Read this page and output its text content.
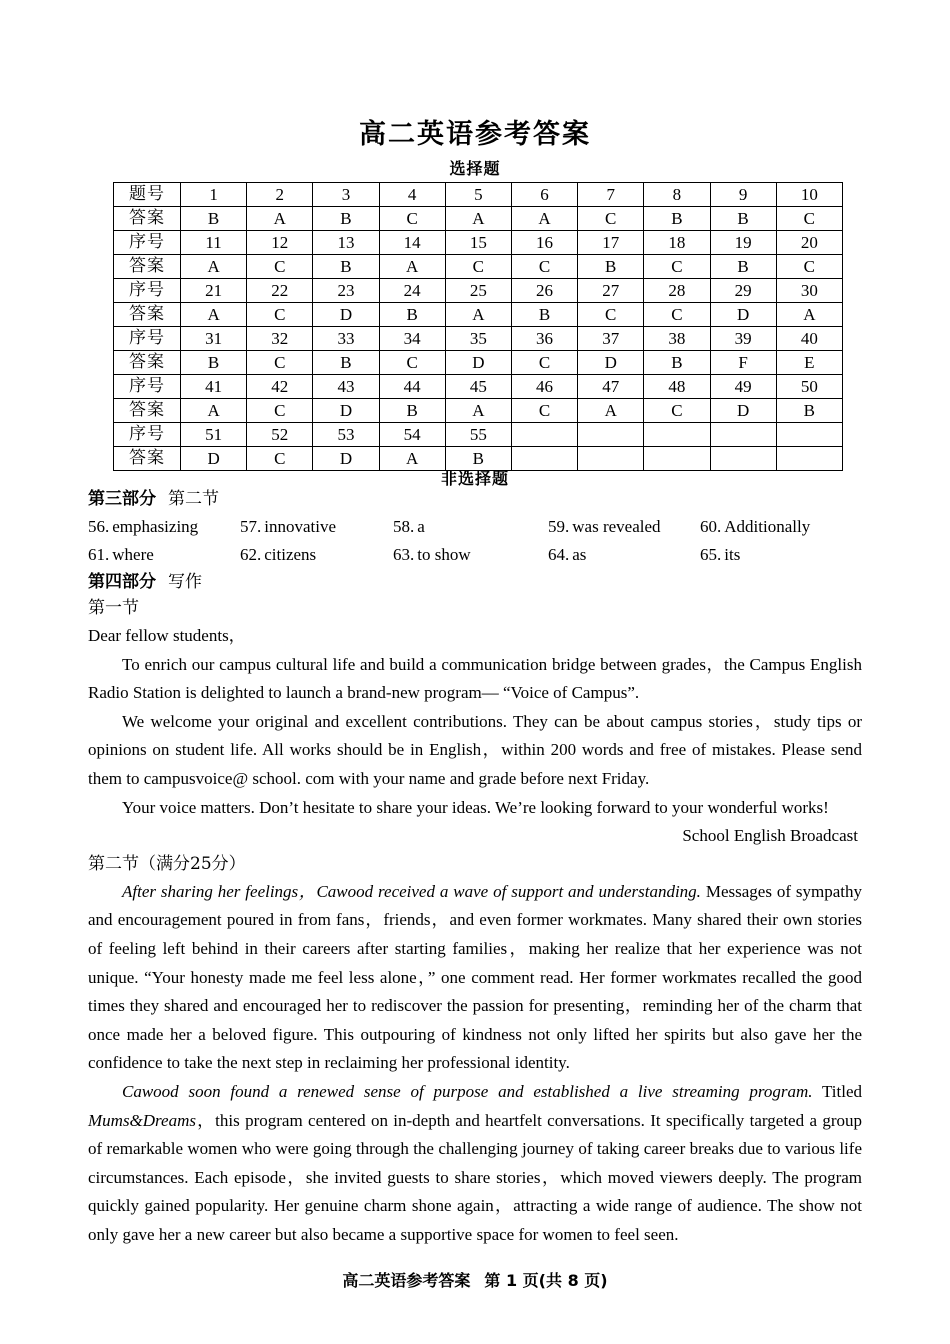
高二英语参考答案
选择题
题号	1	2	3	4	5	6	7	8	9	10
答案	B	A	B	C	A	A	C	B	B	C
序号	11	12	13	14	15	16	17	18	19	20
答案	A	C	B	A	C	C	B	C	B	C
序号	21	22	23	24	25	26	27	28	29	30
答案	A	C	D	B	A	B	C	C	D	A
序号	31	32	33	34	35	36	37	38	39	40
答案	B	C	B	C	D	C	D	B	F	E
序号	41	42	43	44	45	46	47	48	49	50
答案	A	C	D	B	A	C	A	C	D	B
序号	51	52	53	54	55					
答案	D	C	D	A	B					
非选择题

第三部分 第二节

56. emphasizing 57. innovative	58. a	59. was revealed 60. Additionally
61. where	62. citizens	63. to show	64. as	65. its

第四部分 写作

第一节

Dear fellow students，

To enrich our campus cultural life and build a communication bridge between grades，the Campus English Radio Station is delighted to launch a brand-new program— “Voice of Campus”.

We welcome your original and excellent contributions. They can be about campus stories，study tips or opinions on student life. All works should be in English，within 200 words and free of mistakes. Please send them to campusvoice@ school. com with your name and grade before next Friday.

Your voice matters. Don’t hesitate to share your ideas. We’re looking forward to your wonderful works!

School English Broadcast

第二节（满分25分）

After sharing her feelings，Cawood received a wave of support and understanding. Messages of sympathy and encouragement poured in from fans，friends，and even former workmates. Many shared their own stories of feeling left behind in their careers after starting families，making her realize that her experience was not unique. “Your honesty made me feel less alone，” one comment read. Her former workmates recalled the good times they shared and encouraged her to rediscover the passion for presenting，reminding her of the charm that once made her a beloved figure. This outpouring of kindness not only lifted her spirits but also gave her the confidence to take the next step in reclaiming her professional identity.

Cawood soon found a renewed sense of purpose and established a live streaming program. Titled Mums&Dreams，this program centered on in-depth and heartfelt conversations. It specifically targeted a group of remarkable women who were going through the challenging journey of taking career breaks due to various life circumstances. Each episode，she invited guests to share stories，which moved viewers deeply. The program quickly gained popularity. Her genuine charm shone again，attracting a wide range of audience. The show not only gave her a new career but also became a supportive space for women to feel seen.

高二英语参考答案 第 1 页(共 8 页)
